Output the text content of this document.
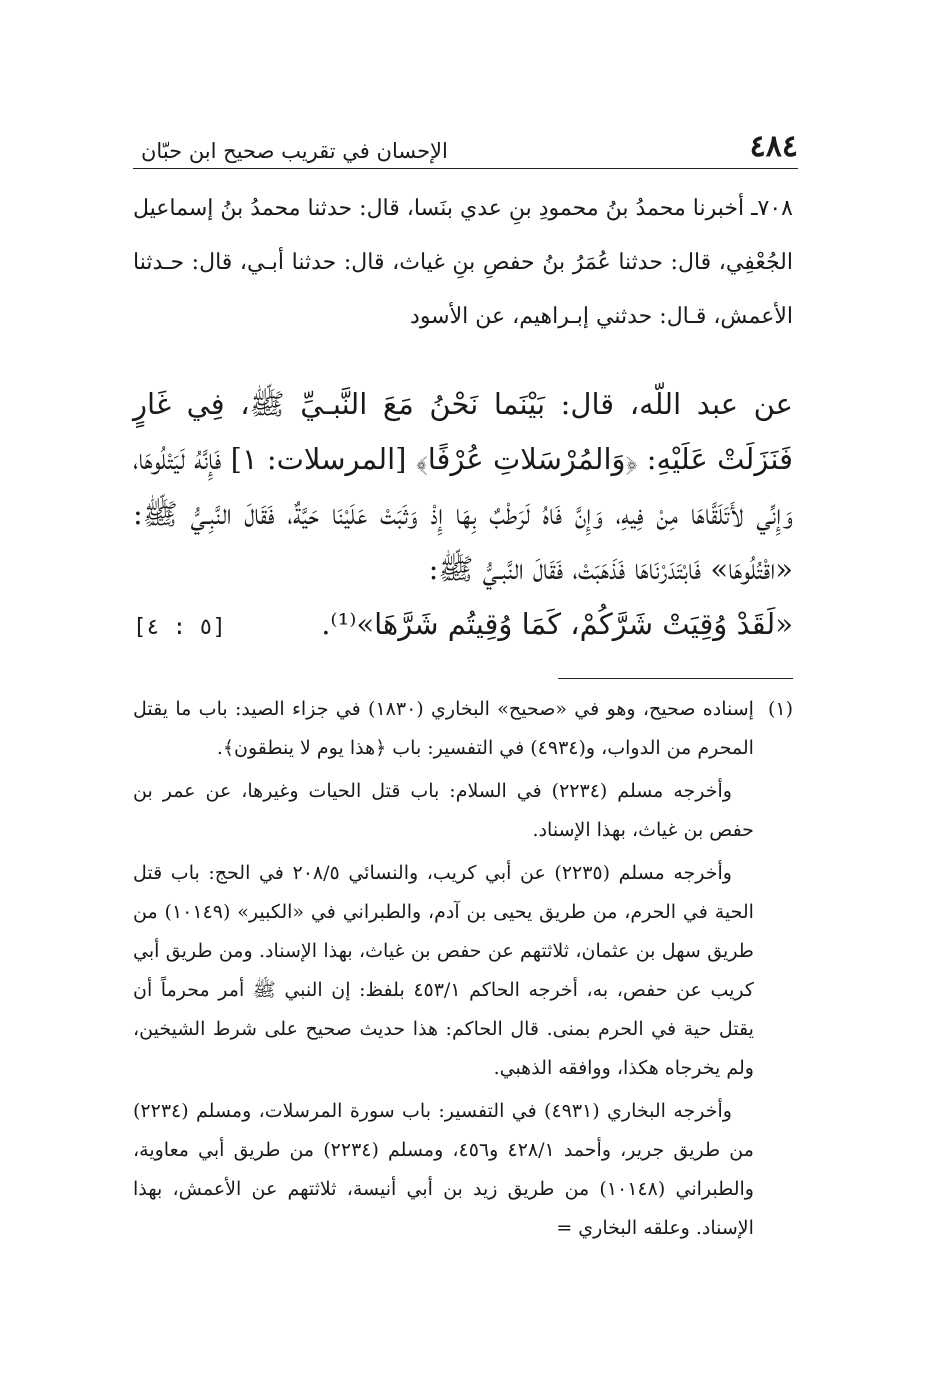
٤٨٤
الإحسان في تقريب صحيح ابن حبّان

٧٠٨ـ أخبرنا محمدُ بنُ محمودِ بنِ عدي بنَسا، قال: حدثنا محمدُ بنُ إسماعيل الجُعْفِي، قال: حدثنا عُمَرُ بنُ حفصِ بنِ غياث، قال: حدثنا أبـي، قال: حـدثنا الأعمش، قـال: حدثني إبـراهيم، عن الأسود

عن عبد اللّه، قال: بَيْنَما نَحْنُ مَعَ النَّبـيِّ ﷺ، فِي غَارٍ فَنَزَلَتْ عَلَيْهِ: ﴿وَالمُرْسَلاتِ عُرْفًا﴾ [المرسلات: ١] فَإِنَّهُ لَيَتْلُوهَا، وَإِنِّي لأَتَلَقَّاهَا مِنْ فِيهِ، وَإِنَّ فَاهُ لَرَطْبٌ بِهَا إِذْ وَثَبَتْ عَلَيْنَا حَيَّةٌ، فَقَالَ النَّبِـيُّ ﷺ: «اقْتُلُوهَا» فَابْتَدَرْنَاهَا فَذَهَبَتْ، فَقَالَ النَّبـيُّ ﷺ:

«لَقَدْ وُقِيَتْ شَرَّكُمْ، كَمَا وُقِيتُم شَرَّهَا»⁽¹⁾.
[٥ : ٤]
(١)

إسناده صحيح، وهو في «صحيح» البخاري (١٨٣٠) في جزاء الصيد: باب ما يقتل المحرم من الدواب، و(٤٩٣٤) في التفسير: باب ﴿هذا يوم لا ينطقون﴾.

وأخرجه مسلم (٢٢٣٤) في السلام: باب قتل الحيات وغيرها، عن عمر بن حفص بن غياث، بهذا الإسناد.

وأخرجه مسلم (٢٢٣٥) عن أبي كريب، والنسائي ٢٠٨/٥ في الحج: باب قتل الحية في الحرم، من طريق يحيى بن آدم، والطبراني في «الكبير» (١٠١٤٩) من طريق سهل بن عثمان، ثلاثتهم عن حفص بن غياث، بهذا الإسناد. ومن طريق أبي كريب عن حفص، به، أخرجه الحاكم ٤٥٣/١ بلفظ: إن النبي ﷺ أمر محرماً أن يقتل حية في الحرم بمنى. قال الحاكم: هذا حديث صحيح على شرط الشيخين، ولم يخرجاه هكذا، ووافقه الذهبي.

وأخرجه البخاري (٤٩٣١) في التفسير: باب سورة المرسلات، ومسلم (٢٢٣٤) من طريق جرير، وأحمد ٤٢٨/١ و٤٥٦، ومسلم (٢٢٣٤) من طريق أبي معاوية، والطبراني (١٠١٤٨) من طريق زيد بن أبي أنيسة، ثلاثتهم عن الأعمش، بهذا الإسناد. وعلقه البخاري =
